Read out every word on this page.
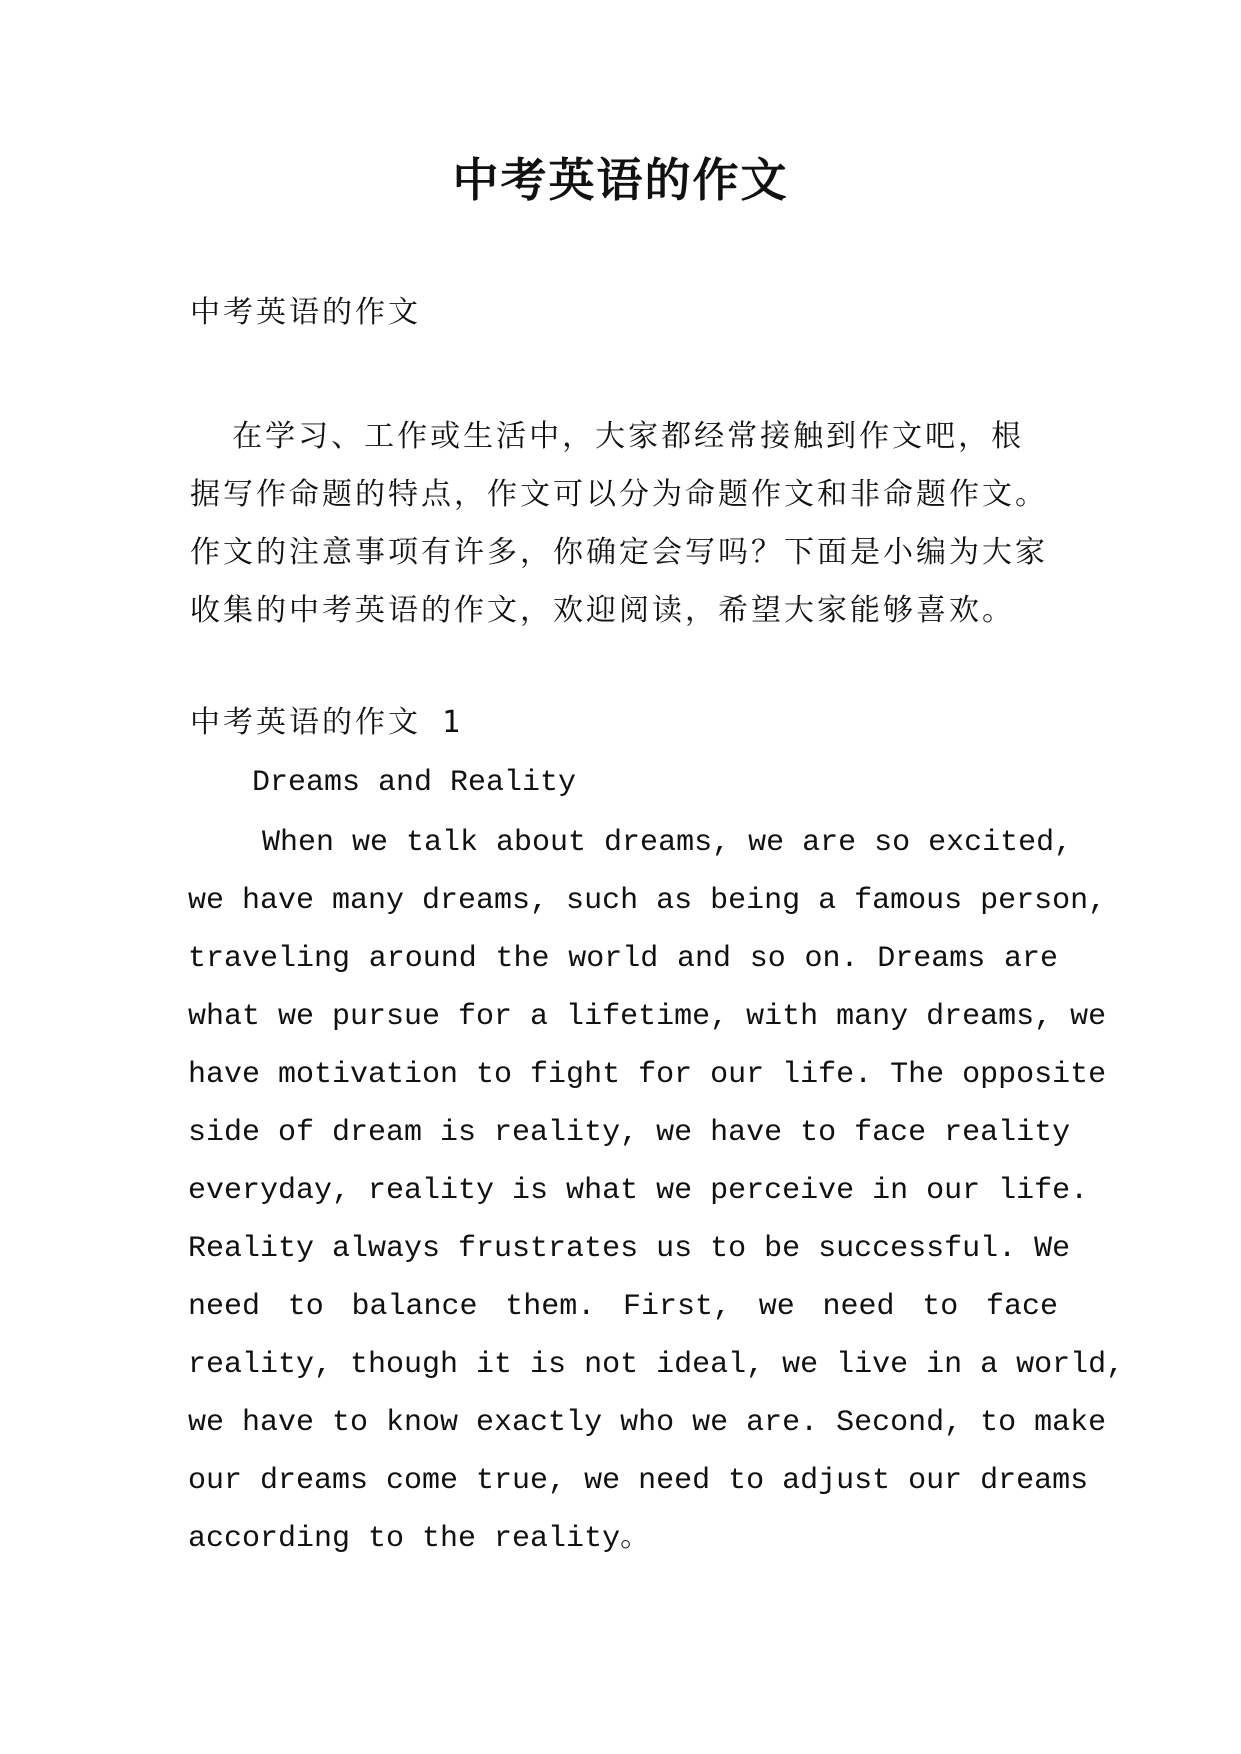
中考英语的作文

中考英语的作文

在学习、工作或生活中，大家都经常接触到作文吧，根
据写作命题的特点，作文可以分为命题作文和非命题作文。
作文的注意事项有许多，你确定会写吗？下面是小编为大家
收集的中考英语的作文，欢迎阅读，希望大家能够喜欢。

中考英语的作文 1

Dreams and Reality

When we talk about dreams, we are so excited,
we have many dreams, such as being a famous person,
traveling around the world and so on. Dreams are
what we pursue for a lifetime, with many dreams, we
have motivation to fight for our life. The opposite
side of dream is reality, we have to face reality
everyday, reality is what we perceive in our life.
Reality always frustrates us to be successful. We
need to balance them. First, we need to face
reality, though it is not ideal, we live in a world,
we have to know exactly who we are. Second, to make
our dreams come true, we need to adjust our dreams
according to the reality。
